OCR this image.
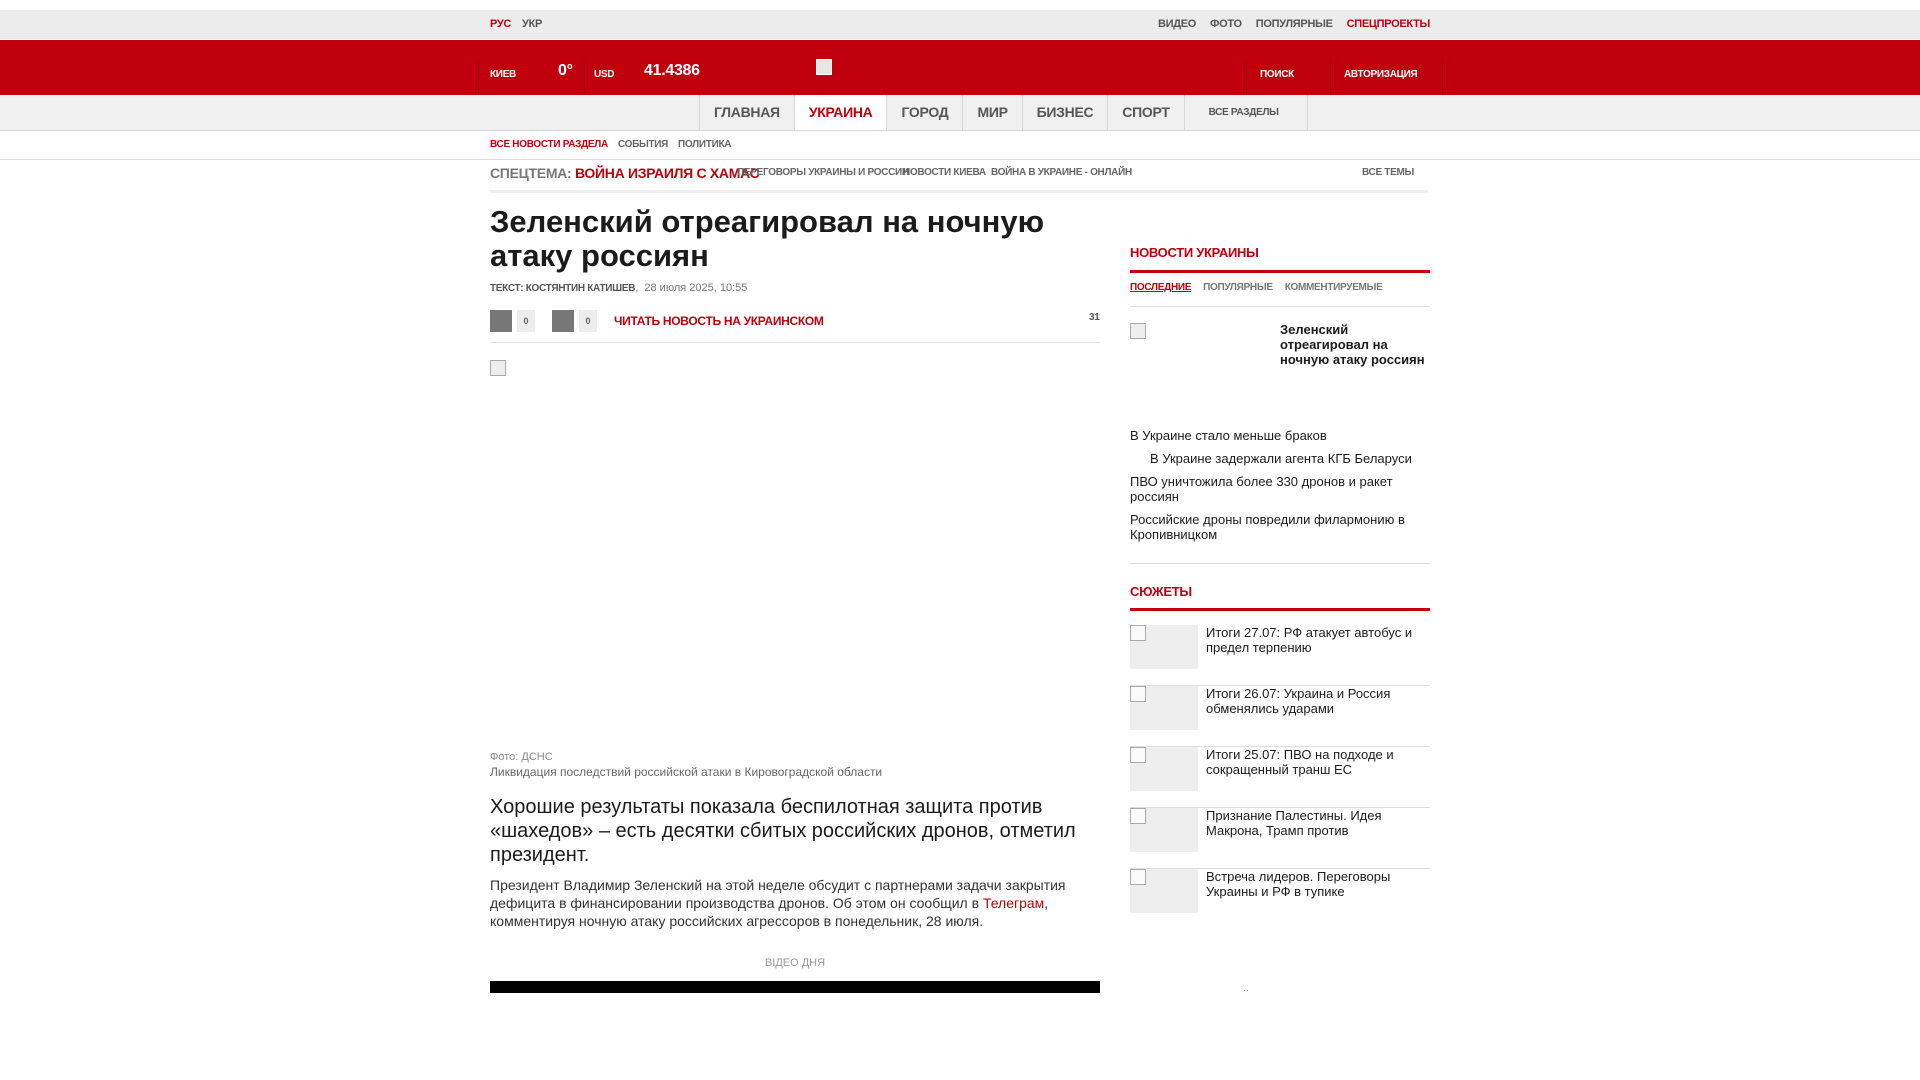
РУС УКР	ВИДЕО ФОТО ПОПУЛЯРНЫЕ СПЕЦПРОЕКТЫ
КИЕВ	0° USD 41.4386	ПОИСК	АВТОРИЗАЦИЯ
ГЛАВНАЯ	УКРАИНА	ГОРОД	МИР	БИЗНЕС	СПОРТ	ВСЕ РАЗДЕЛЫ
ВСЕ НОВОСТИ РАЗДЕЛА СОБЫТИЯ ПОЛИТИКА
СПЕЦТЕМА: ВОЙНА ИЗРАИЛЯ С ХАМАС
ПЕРЕГОВОРЫ УКРАИНЫ И РОССИИ
НОВОСТИ КИЕВА ВОЙНА В УКРАИНЕ - ОНЛАЙН	ВСЕ ТЕМЫ
Зеленский отреагировал на ночную атаку россиян
ТЕКСТ: КОСТЯНТИН КАТИШЕВ,  28 июля 2025, 10:55
0	0	ЧИТАТЬ НОВОСТЬ НА УКРАИНСКОМ	31
Фото: ДСНС
Ликвидация последствий российской атаки в Кировоградской области

Хорошие результаты показала беспилотная защита против «шахедов» – есть десятки сбитых российских дронов, отметил президент.

Президент Владимир Зеленский на этой неделе обсудит с партнерами задачи закрытия дефицита в финансировании производства дронов. Об этом он сообщил в Телеграм, комментируя ночную атаку российских агрессоров в понедельник, 28 июля.

ВІДЕО ДНЯ
НОВОСТИ УКРАИНЫ
ПОСЛЕДНИЕ ПОПУЛЯРНЫЕ КОММЕНТИРУЕМЫЕ
Зеленский отреагировал на ночную атаку россиян
В Украине стало меньше браков
В Украине задержали агента КГБ Беларуси
ПВО уничтожила более 330 дронов и ракет россиян
Российские дроны повредили филармонию в Кропивницком
СЮЖЕТЫ
Итоги 27.07: РФ атакует автобус и предел терпению
Итоги 26.07: Украина и Россия обменялись ударами
Итоги 25.07: ПВО на подходе и сокращенный транш ЕС
Признание Палестины. Идея Макрона, Трамп против
Встреча лидеров. Переговоры Украины и РФ в тупике
··
